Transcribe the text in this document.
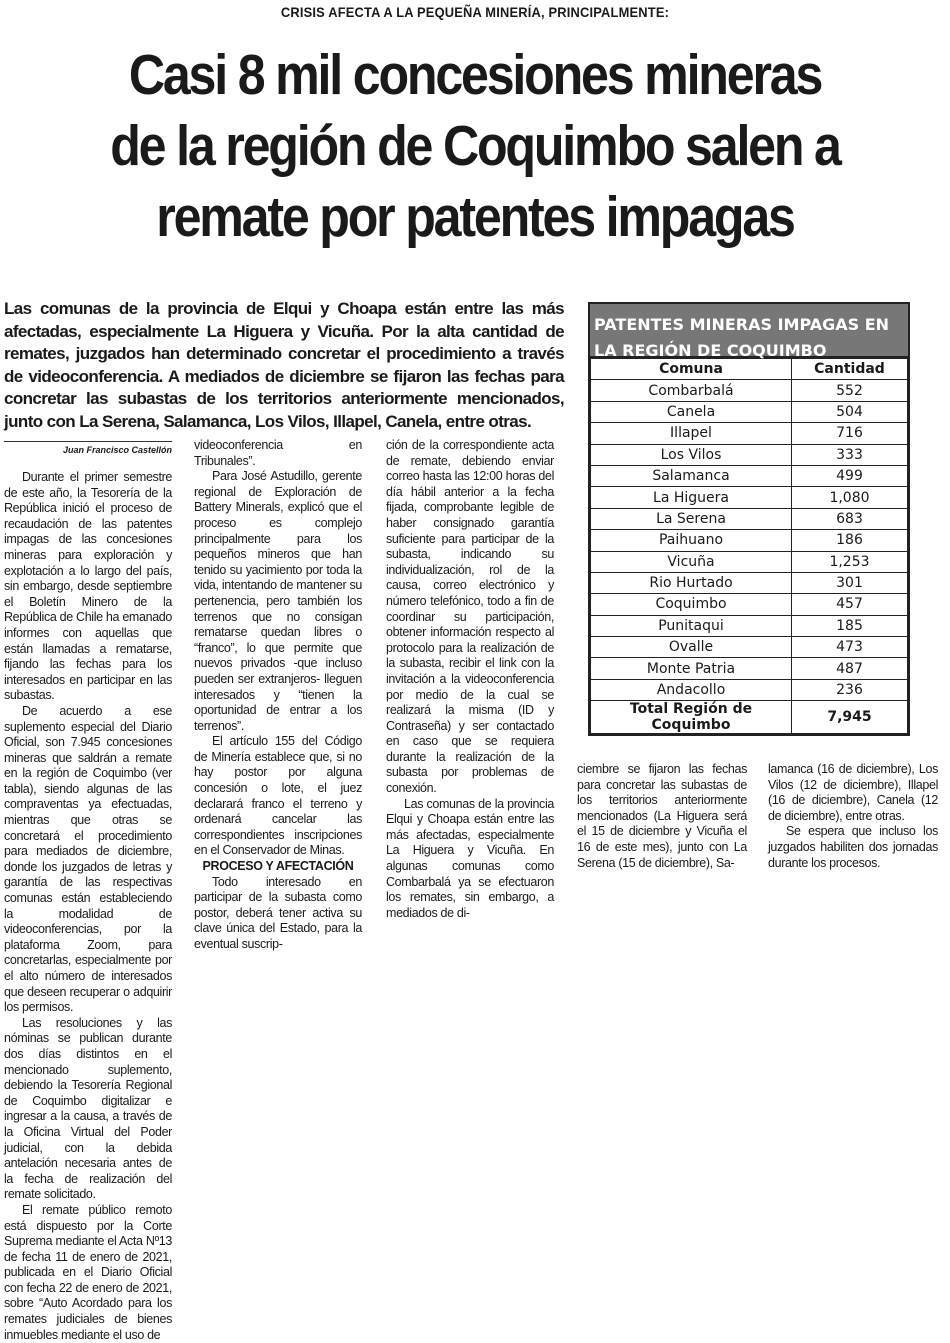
CRISIS AFECTA A LA PEQUEÑA MINERÍA, PRINCIPALMENTE:
Casi 8 mil concesiones mineras
de la región de Coquimbo salen a
remate por patentes impagas

Las comunas de la provincia de Elqui y Choapa están entre las más afectadas, especialmente La Higuera y Vicuña. Por la alta cantidad de remates, juzgados han determinado concretar el procedimiento a través de videoconferencia. A mediados de diciembre se fijaron las fechas para concretar las subastas de los territorios anteriormente mencionados, junto con La Serena, Salamanca, Los Vilos, Illapel, Canela, entre otras.

Juan Francisco Castellón

Durante el primer semestre de este año, la Tesorería de la República inició el proceso de recaudación de las patentes impagas de las concesiones mineras para exploración y explotación a lo largo del país, sin embargo, desde septiembre el Boletín Minero de la República de Chile ha emanado informes con aquellas que están llamadas a rematarse, fijando las fechas para los interesados en participar en las subastas.

De acuerdo a ese suplemento especial del Diario Oficial, son 7.945 concesiones mineras que saldrán a remate en la región de Coquimbo (ver tabla), siendo algunas de las compraventas ya efectuadas, mientras que otras se concretará el procedimiento para mediados de diciembre, donde los juzgados de letras y garantía de las respectivas comunas están estableciendo la modalidad de videoconferencias, por la plataforma Zoom, para concretarlas, especialmente por el alto número de interesados que deseen recuperar o adquirir los permisos.

Las resoluciones y las nóminas se publican durante dos días distintos en el mencionado suplemento, debiendo la Tesorería Regional de Coquimbo digitalizar e ingresar a la causa, a través de la Oficina Virtual del Poder judicial, con la debida antelación necesaria antes de la fecha de realización del remate solicitado.

El remate público remoto está dispuesto por la Corte Suprema mediante el Acta Nº13 de fecha 11 de enero de 2021, publicada en el Diario Oficial con fecha 22 de enero de 2021, sobre “Auto Acordado para los remates judiciales de bienes inmuebles mediante el uso de

videoconferencia en Tribunales”.

Para José Astudillo, gerente regional de Exploración de Battery Minerals, explicó que el proceso es complejo principalmente para los pequeños mineros que han tenido su yacimiento por toda la vida, intentando de mantener su pertenencia, pero también los terrenos que no consigan rematarse quedan libres o “franco”, lo que permite que nuevos privados -que incluso pueden ser extranjeros- lleguen interesados y “tienen la oportunidad de entrar a los terrenos”.

El artículo 155 del Código de Minería establece que, si no hay postor por alguna concesión o lote, el juez declarará franco el terreno y ordenará cancelar las correspondientes inscripciones en el Conservador de Minas.

PROCESO Y AFECTACIÓN

Todo interesado en participar de la subasta como postor, deberá tener activa su clave única del Estado, para la eventual suscrip-

ción de la correspondiente acta de remate, debiendo enviar correo hasta las 12:00 horas del día hábil anterior a la fecha fijada, comprobante legible de haber consignado garantía suficiente para participar de la subasta, indicando su individualización, rol de la causa, correo electrónico y número telefónico, todo a fin de coordinar su participación, obtener información respecto al protocolo para la realización de la subasta, recibir el link con la invitación a la videoconferencia por medio de la cual se realizará la misma (ID y Contraseña) y ser contactado en caso que se requiera durante la realización de la subasta por problemas de conexión.

Las comunas de la provincia Elqui y Choapa están entre las más afectadas, especialmente La Higuera y Vicuña. En algunas comunas como Combarbalá ya se efectuaron los remates, sin embargo, a mediados de di-

ciembre se fijaron las fechas para concretar las subastas de los territorios anteriormente mencionados (La Higuera será el 15 de diciembre y Vicuña el 16 de este mes), junto con La Serena (15 de diciembre), Sa-

lamanca (16 de diciembre), Los Vilos (12 de diciembre), Illapel (16 de diciembre), Canela (12 de diciembre), entre otras.

Se espera que incluso los juzgados habiliten dos jornadas durante los procesos.

PATENTES MINERAS IMPAGAS EN LA REGIÓN DE COQUIMBO
Comuna	Cantidad
Combarbalá	552
Canela	504
Illapel	716
Los Vilos	333
Salamanca	499
La Higuera	1,080
La Serena	683
Paihuano	186
Vicuña	1,253
Rio Hurtado	301
Coquimbo	457
Punitaqui	185
Ovalle	473
Monte Patria	487
Andacollo	236
Total Región de Coquimbo	7,945
